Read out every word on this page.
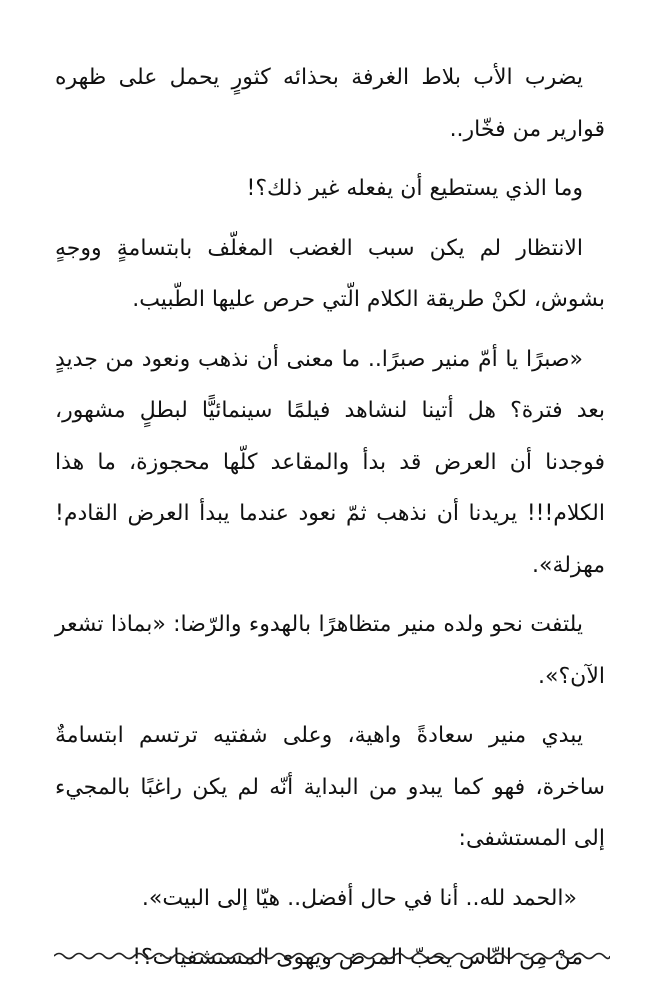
يضرب الأب بلاط الغرفة بحذائه كثورٍ يحمل على ظهره قوارير من فخّار..

وما الذي يستطيع أن يفعله غير ذلك؟!

الانتظار لم يكن سبب الغضب المغلّف بابتسامةٍ ووجهٍ بشوش، لكنْ طريقة الكلام الّتي حرص عليها الطّبيب.

«صبرًا يا أمّ منير صبرًا.. ما معنى أن نذهب ونعود من جديدٍ بعد فترة؟ هل أتينا لنشاهد فيلمًا سينمائيًّا لبطلٍ مشهور، فوجدنا أن العرض قد بدأ والمقاعد كلّها محجوزة، ما هذا الكلام!!! يريدنا أن نذهب ثمّ نعود عندما يبدأ العرض القادم! مهزلة».

يلتفت نحو ولده منير متظاهرًا بالهدوء والرّضا: «بماذا تشعر الآن؟».

يبدي منير سعادةً واهية، وعلى شفتيه ترتسم ابتسامةٌ ساخرة، فهو كما يبدو من البداية أنّه لم يكن راغبًا بالمجيء إلى المستشفى:

«الحمد لله.. أنا في حال أفضل.. هيّا إلى البيت».

مَنْ مِنَ النّاس يحبّ المرض ويهوى المستشفيات؟!
